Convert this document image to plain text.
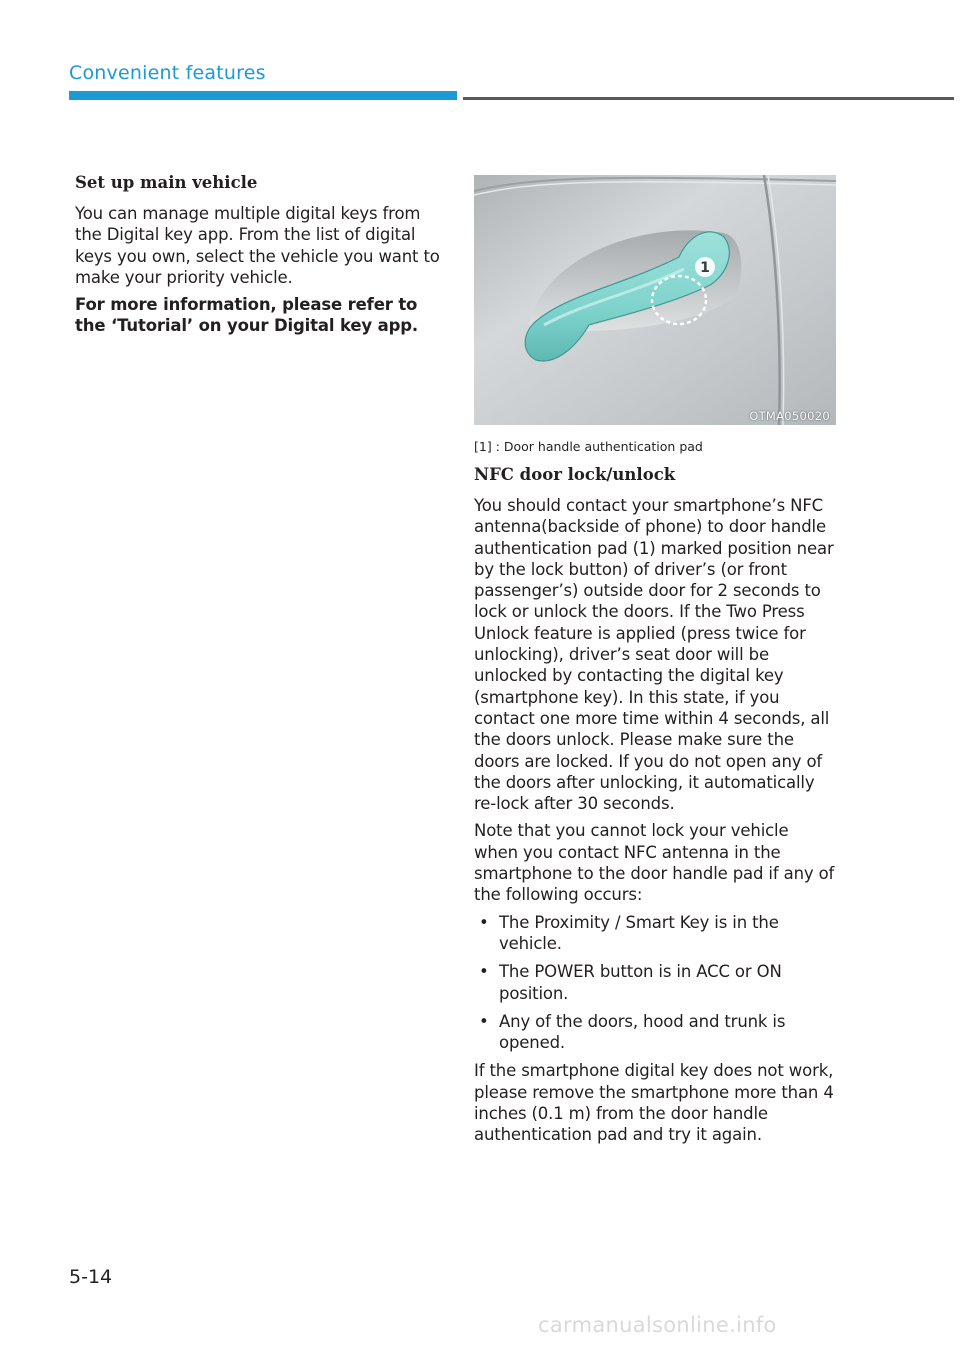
Convenient features
Set up main vehicle

You can manage multiple digital keys from the Digital key app. From the list of digital keys you own, select the vehicle you want to make your priority vehicle.

For more information, please refer to the ‘Tutorial’ on your Digital key app.

1
OTMA050020
[1] : Door handle authentication pad
NFC door lock/unlock

You should contact your smartphone’s NFC antenna(backside of phone) to door handle authentication pad (1) marked position near by the lock button) of driver’s (or front passenger’s) outside door for 2 seconds to lock or unlock the doors. If the Two Press Unlock feature is applied (press twice for unlocking), driver’s seat door will be unlocked by contacting the digital key (smartphone key). In this state, if you contact one more time within 4 seconds, all the doors unlock. Please make sure the doors are locked. If you do not open any of the doors after unlocking, it automatically re-lock after 30 seconds.

Note that you cannot lock your vehicle when you contact NFC antenna in the smartphone to the door handle pad if any of the following occurs:

• The Proximity / Smart Key is in the vehicle.
• The POWER button is in ACC or ON position.
• Any of the doors, hood and trunk is opened.

If the smartphone digital key does not work, please remove the smartphone more than 4 inches (0.1 m) from the door handle authentication pad and try it again.

5-14
carmanualsonline.info
